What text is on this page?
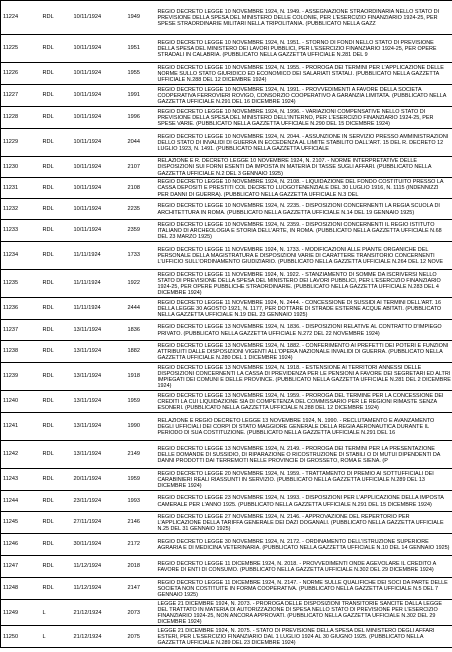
11224	RDL	10/11/1924	1949	REGIO DECRETO LEGGE 10 NOVEMBRE 1924, N. 1949. - ASSEGNAZIONE STRAORDINARIA NELLO STATO DI PREVISIONE DELLA SPESA DEL MINISTERO DELLE COLONIE, PER L'ESERCIZIO FINANZIARIO 1924-25, PER SPESE STRAORDINARIE MILITARI NELLA TRIPOLITANIA. (PUBBLICATO NELLA GAZZ
11225	RDL	10/11/1924	1951	REGIO DECRETO LEGGE 10 NOVEMBRE 1924, N. 1951. - STORNO DI FONDI NELLO STATO DI PREVISIONE DELLA SPESA DEL MINISTERO DEI LAVORI PUBBLICI, PER L'ESERCIZIO FINANZIARIO 1924-25, PER OPERE STRADALI IN CALABRIA. (PUBBLICATO NELLA GAZZETTA UFFICIALE N.281 DEL 9
11226	RDL	10/11/1924	1955	REGIO DECRETO LEGGE 10 NOVEMBRE 1924, N. 1955. - PROROGA DEI TERMINI PER L'APPLICAZIONE DELLE NORME SULLO STATO GIURIDICO ED ECONOMICO DEI SALARIATI STATALI. (PUBBLICATO NELLA GAZZETTA UFFICIALE N.288 DEL 12 DICEMBRE 1924)
11227	RDL	10/11/1924	1991	REGIO DECRETO LEGGE 10 NOVEMBRE 1924, N. 1991. - PROVVEDIMENTI A FAVORE DELLA SOCIETA COOPERATIVA FERROVIERI ROVIGO, CONSORZIO COOPERATIVO A GARANZIA LIMITATA. (PUBBLICATO NELLA GAZZETTA UFFICIALE N.291 DEL 16 DICEMBRE 1924)
11228	RDL	10/11/1924	1996	REGIO DECRETO LEGGE 10 NOVEMBRE 1924, N. 1996. - VARIAZIONI COMPENSATIVE NELLO STATO DI PREVISIONE DELLA SPESA DEL MINISTERO DELL'INTERNO, PER L'ESERCIZIO FINANZIARIO 1924-25, PER SPESE VARIE. (PUBBLICATO NELLA GAZZETTA UFFICIALE N.290 DEL 15 DICEMBRE 1924)
11229	RDL	10/11/1924	2044	REGIO DECRETO LEGGE 10 NOVEMBRE 1924, N. 2044. - ASSUNZIONE IN SERVIZIO PRESSO AMMINISTRAZIONI DELLO STATO DI INVALIDI DI GUERRA IN ECCEDENZA AL LIMITE STABILITO DALL'ART. 15 DEL R. DECRETO 12 LUGLIO 1923, N. 1491. (PUBBLICATO NELLA GAZZETTA UFFICIALE
11230	RDL	10/11/1924	2107	RELAZIONE E R. DECRETO LEGGE 10 NOVEMBRE 1924, N. 2107. - NORME INTERPRETATIVE DELLE DISPOSIZIONI SUI FORNI ESENTI DA IMPOSTA IN MATERIA DI TASSE SUGLI AFFARI. (PUBBLICATO NELLA GAZZETTA UFFICIALE N.2 DEL 3 GENNAIO 1925)
11231	RDL	10/11/1924	2108	REGIO DECRETO LEGGE 10 NOVEMBRE 1924, N. 2108. - LIQUIDAZIONE DEL FONDO COSTITUITO PRESSO LA CASSA DEPOSITI E PRESTITI COL DECRETO LUOGOTENENZIALE DEL 30 LUGLIO 1916, N. 1115 (INDENNIZZI PER DANNI DI GUERRA). (PUBBLICATO NELLA GAZZETTA UFFICIALE N.3 DEL
11232	RDL	10/11/1924	2235	REGIO DECRETO LEGGE 10 NOVEMBRE 1924, N. 2235. - DISPOSIZIONI CONCERNENTI LA REGIA SCUOLA DI ARCHITETTURA IN ROMA. (PUBBLICATO NELLA GAZZETTA UFFICIALE N.14 DEL 19 GENNAIO 1925)
11233	RDL	10/11/1924	2359	REGIO DECRETO LEGGE 10 NOVEMBRE 1924, N. 2359. - DISPOSIZIONI CONCERNENTI IL REGIO ISTITUTO ITALIANO DI ARCHEOLOGIA E STORIA DELL'ARTE, IN ROMA. (PUBBLICATO NELLA GAZZETTA UFFICIALE N.68 DEL 23 MARZO 1925)
11234	RDL	11/11/1924	1733	REGIO DECRETO LEGGE 11 NOVEMBRE 1924, N. 1733. - MODIFICAZIONI ALLE PIANTE ORGANICHE DEL PERSONALE DELLA MAGISTRATURA E DISPOSIZIONI VARIE DI CARATTERE TRANSITORIO CONCERNENTI L'UFFICIO SULL'ORDINAMENTO GIUDIZIARIO. (PUBBLICATO NELLA GAZZETTA UFFICIALE N.264 DEL 12 NOVE
11235	RDL	11/11/1924	1922	REGIO DECRETO LEGGE 11 NOVEMBRE 1924, N. 1922. - STANZIAMENTO DI SOMME DA ISCRIVERSI NELLO STATO DI PREVISIONE DELLA SPESA DEL MINISTERO DEI LAVORI PUBBLICI, PER L'ESERCIZIO FINANZIARIO 1924-25, PER OPERE PUBBLICHE STRAORDINARIE. (PUBBLICATO NELLA GAZZETTA UFFICIALE N.283 DEL 4 DICEMBRE 1924)
11236	RDL	11/11/1924	2444	REGIO DECRETO LEGGE 11 NOVEMBRE 1924, N. 2444. - CONCESSIONE DI SUSSIDI AI TERMINI DELL'ART. 16 DELLA LEGGE 30 AGOSTO 1921, N. 1177, PER DOTTARE DI STRADE ESTERNE ACQUE ABITATI. (PUBBLICATO NELLA GAZZETTA UFFICIALE N.19 DEL 23 GENNAIO 1925)
11237	RDL	13/11/1924	1836	REGIO DECRETO LEGGE 13 NOVEMBRE 1924, N. 1836. - DISPOSIZIONI RELATIVE AL CONTRATTO D'IMPIEGO PRIVATO. (PUBBLICATO NELLA GAZZETTA UFFICIALE N.272 DEL 22 NOVEMBRE 1924)
11238	RDL	13/11/1924	1882	REGIO DECRETO LEGGE 13 NOVEMBRE 1924, N. 1882. - CONFERIMENTO AI PREFETTI DEI POTERI E FUNZIONI ATTRIBUITI DALLE DISPOSIZIONI VIGENTI ALL'OPERA NAZIONALE INVALIDI DI GUERRA. (PUBBLICATO NELLA GAZZETTA UFFICIALE N.280 DEL 1 DICEMBRE 1924)
11239	RDL	13/11/1924	1918	REGIO DECRETO LEGGE 13 NOVEMBRE 1924, N. 1918. - ESTENSIONE AI TERRITORI ANNESSI DELLE DISPOSIZIONI CONCERNENTI LA CASSA DI PREVIDENZA PER LE PENSIONI A FAVORE DEI SEGRETARI ED ALTRI IMPIEGATI DEI COMUNI E DELLE PROVINCE. (PUBBLICATO NELLA GAZZETTA UFFICIALE N.281 DEL 2 DICEMBRE 1924)
11240	RDL	13/11/1924	1959	REGIO DECRETO LEGGE 13 NOVEMBRE 1924, N. 1959. - PROROGA DEL TERMINE PER LA CONCESSIONE DEI CREDITI LA CUI LIQUIDAZIONE SIA DI COMPETENZA DEL COMMISSARIO PER LE REGIONI RIMASTE SENZA ESONERI. (PUBBLICATO NELLA GAZZETTA UFFICIALE N.288 DEL 12 DICEMBRE 1924)
11241	RDL	13/11/1924	1990	RELAZIONE E REGIO DECRETO LEGGE 13 NOVEMBRE 1924, N. 1990. - RECLUTAMENTO E AVANZAMENTO DEGLI UFFICIALI DEI CORPI DI STATO MAGGIORE GENERALE DELLA REGIA AERONAUTICA DURANTE IL PERIODO DI SUA COSTITUZIONE. (PUBBLICATO NELLA GAZZETTA UFFICIALE N.291 DEL 16
11242	RDL	13/11/1924	2149	REGIO DECRETO LEGGE 13 NOVEMBRE 1924, N. 2149. - PROROGA DEI TERMINI PER LA PRESENTAZIONE DELLE DOMANDE DI SUSSIDIO, DI RIPARAZIONE O RICOSTRUZIONE DI STABILI O DI MUTUI DIPENDENTI DA DANNI PRODOTTI DAI TERREMOTI NELLE PROVINCIE DI GROSSETO, ROMA E SIENA. (P
11243	RDL	20/11/1924	1959	REGIO DECRETO LEGGE 20 NOVEMBRE 1924, N. 1959. - TRATTAMENTO DI PREMIO AI SOTTUFFICIALI DEI CARABINIERI REALI RIASSUNTI IN SERVIZIO. (PUBBLICATO NELLA GAZZETTA UFFICIALE N.289 DEL 13 DICEMBRE 1924)
11244	RDL	23/11/1924	1993	REGIO DECRETO LEGGE 23 NOVEMBRE 1924, N. 1993. - DISPOSIZIONI PER L'APPLICAZIONE DELLA IMPOSTA CAMERALE PER L'ANNO 1925. (PUBBLICATO NELLA GAZZETTA UFFICIALE N.291 DEL 15 DICEMBRE 1924)
11245	RDL	27/11/1924	2146	REGIO DECRETO LEGGE 27 NOVEMBRE 1924, N. 2146. - APPROVAZIONE DEL REPERTORIO PER L'APPLICAZIONE DELLA TARIFFA GENERALE DEI DAZI DOGANALI. (PUBBLICATO NELLA GAZZETTA UFFICIALE N.25 DEL 31 GENNAIO 1925)
11246	RDL	30/11/1924	2172	REGIO DECRETO LEGGE 30 NOVEMBRE 1924, N. 2172. - ORDINAMENTO DELL'ISTRUZIONE SUPERIORE AGRARIA E DI MEDICINA VETERINARIA. (PUBBLICATO NELLA GAZZETTA UFFICIALE N.10 DEL 14 GENNAIO 1925)
11247	RDL	11/12/1924	2018	REGIO DECRETO LEGGE 11 DICEMBRE 1924, N. 2018. - PROVVEDIMENTI ONDE AGEVOLARE IL CREDITO A FAVORE DI ENTI DI CONSUMO. (PUBBLICATO NELLA GAZZETTA UFFICIALE N.302 DEL 29 DICEMBRE 1924)
11248	RDL	11/12/1924	2147	REGIO DECRETO LEGGE 11 DICEMBRE 1924, N. 2147. - NORME SULLE QUALIFICHE DEI SOCI DA PARTE DELLE SOCIETA NON COSTITUITE IN FORMA COOPERATIVA. (PUBBLICATO NELLA GAZZETTA UFFICIALE N.5 DEL 7 GENNAIO 1925)
11249	L	21/12/1924	2073	LEGGE 21 DICEMBRE 1924, N. 2073. - PROROGA DELLE DISPOSIZIONI TRANSITORIE SANCITE DALLA LEGGE DEL TRATTATO IN MATERIA DI AUTORIZZAZIONE DI SPESA NELLO STATO DI PREVISIONE PER L'ESERCIZIO FINANZIARIO 1924-25, NON ANCORA APPROVATI. (PUBBLICATO NELLA GAZZETTA UFFICIALE N.302 DEL 29 DICEMBRE 1924)
11250	L	21/12/1924	2075	LEGGE 21 DICEMBRE 1924, N. 2075. - STATO DI PREVISIONE DELLA SPESA DEL MINISTERO DEGLI AFFARI ESTERI, PER L'ESERCIZIO FINANZIARIO DAL 1 LUGLIO 1924 AL 30 GIUGNO 1925. (PUBBLICATO NELLA GAZZETTA UFFICIALE N.289 DEL 23 DICEMBRE 1924)
